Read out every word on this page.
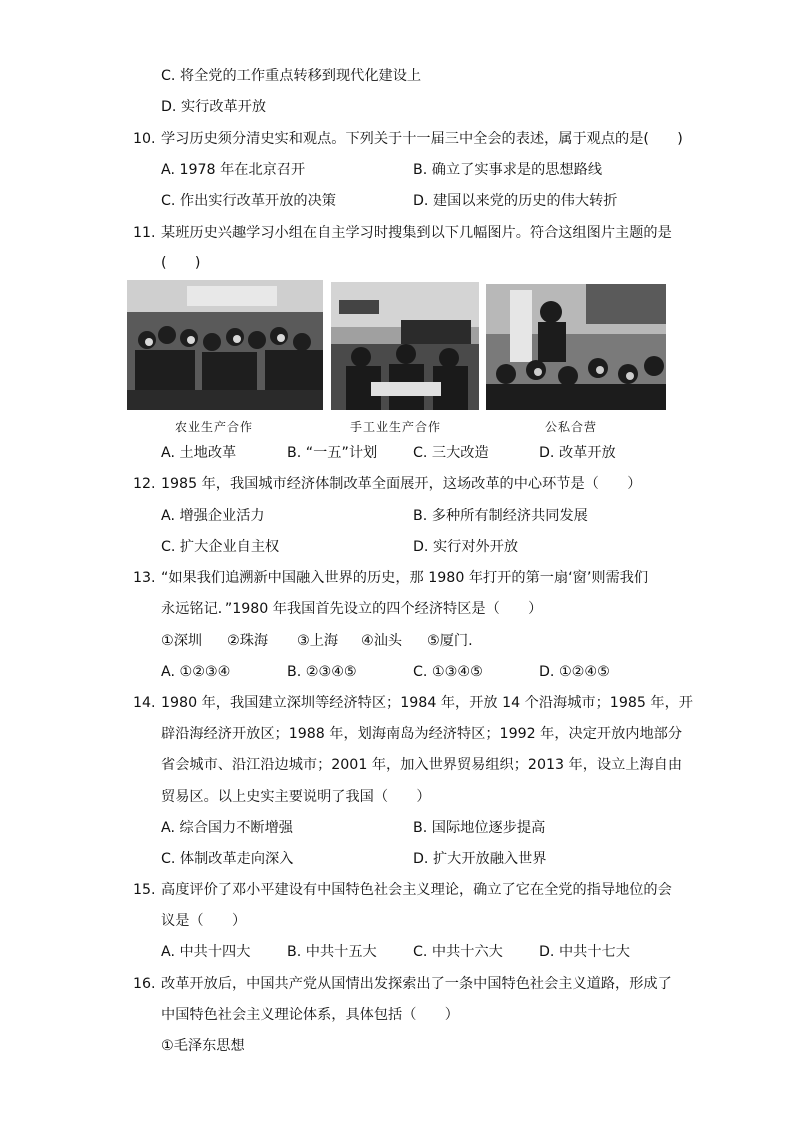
C. 将全党的工作重点转移到现代化建设上
D. 实行改革开放
10. 学习历史须分清史实和观点。下列关于十一届三中全会的表述，属于观点的是(　　)
A. 1978 年在北京召开	B. 确立了实事求是的思想路线
C. 作出实行改革开放的决策	D. 建国以来党的历史的伟大转折
11. 某班历史兴趣学习小组在自主学习时搜集到以下几幅图片。符合这组图片主题的是
(　　)
农业生产合作	手工业生产合作	公私合营
A. 土地改革	B. “一五”计划	C. 三大改造	D. 改革开放
12. 1985 年，我国城市经济体制改革全面展开，这场改革的中心环节是（　　）
A. 增强企业活力	B. 多种所有制经济共同发展
C. 扩大企业自主权	D. 实行对外开放
13. “如果我们追溯新中国融入世界的历史，那 1980 年打开的第一扇‘窗’则需我们
永远铭记．”1980 年我国首先设立的四个经济特区是（　　）
①深圳 ②珠海 ③上海 ④汕头 ⑤厦门.
A. ①②③④	B. ②③④⑤	C. ①③④⑤	D. ①②④⑤
14. 1980 年，我国建立深圳等经济特区；1984 年，开放 14 个沿海城市；1985 年，开
辟沿海经济开放区；1988 年，划海南岛为经济特区；1992 年，决定开放内地部分
省会城市、沿江沿边城市；2001 年，加入世界贸易组织；2013 年，设立上海自由
贸易区。以上史实主要说明了我国（　　）
A. 综合国力不断增强	B. 国际地位逐步提高
C. 体制改革走向深入	D. 扩大开放融入世界
15. 高度评价了邓小平建设有中国特色社会主义理论，确立了它在全党的指导地位的会
议是（　　）
A. 中共十四大	B. 中共十五大	C. 中共十六大	D. 中共十七大
16. 改革开放后，中国共产党从国情出发探索出了一条中国特色社会主义道路，形成了
中国特色社会主义理论体系，具体包括（　　）
①毛泽东思想
